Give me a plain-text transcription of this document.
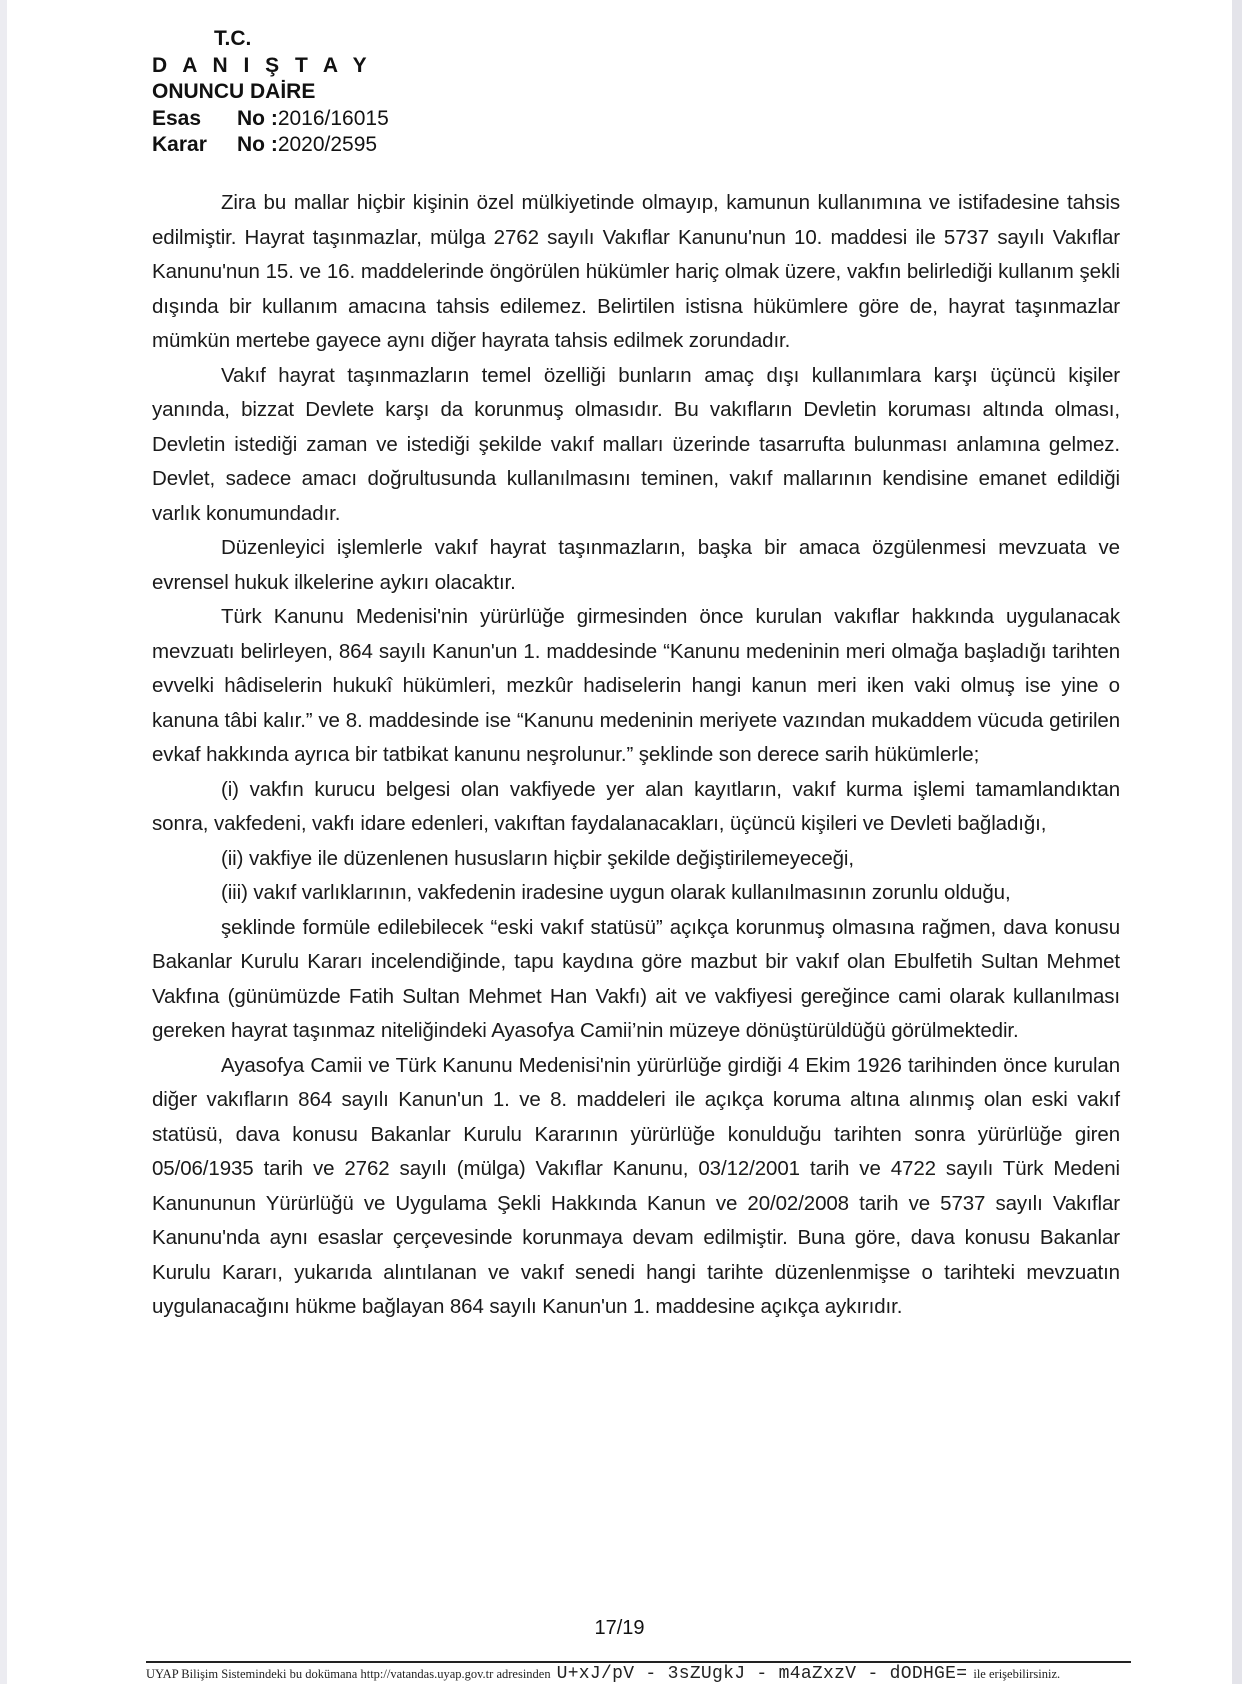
T.C.
D A N I Ş T A Y
ONUNCU DAİRE
Esas	No : 2016/16015
Karar	No : 2020/2595

Zira bu mallar hiçbir kişinin özel mülkiyetinde olmayıp, kamunun kullanımına ve istifadesine tahsis edilmiştir. Hayrat taşınmazlar, mülga 2762 sayılı Vakıflar Kanunu'nun 10. maddesi ile 5737 sayılı Vakıflar Kanunu'nun 15. ve 16. maddelerinde öngörülen hükümler hariç olmak üzere, vakfın belirlediği kullanım şekli dışında bir kullanım amacına tahsis edilemez. Belirtilen istisna hükümlere göre de, hayrat taşınmazlar mümkün mertebe gayece aynı diğer hayrata tahsis edilmek zorundadır.

Vakıf hayrat taşınmazların temel özelliği bunların amaç dışı kullanımlara karşı üçüncü kişiler yanında, bizzat Devlete karşı da korunmuş olmasıdır. Bu vakıfların Devletin koruması altında olması, Devletin istediği zaman ve istediği şekilde vakıf malları üzerinde tasarrufta bulunması anlamına gelmez. Devlet, sadece amacı doğrultusunda kullanılmasını teminen, vakıf mallarının kendisine emanet edildiği varlık konumundadır.

Düzenleyici işlemlerle vakıf hayrat taşınmazların, başka bir amaca özgülenmesi mevzuata ve evrensel hukuk ilkelerine aykırı olacaktır.

Türk Kanunu Medenisi'nin yürürlüğe girmesinden önce kurulan vakıflar hakkında uygulanacak mevzuatı belirleyen, 864 sayılı Kanun'un 1. maddesinde “Kanunu medeninin meri olmağa başladığı tarihten evvelki hâdiselerin hukukî hükümleri, mezkûr hadiselerin hangi kanun meri iken vaki olmuş ise yine o kanuna tâbi kalır.” ve 8. maddesinde ise “Kanunu medeninin meriyete vazından mukaddem vücuda getirilen evkaf hakkında ayrıca bir tatbikat kanunu neşrolunur.” şeklinde son derece sarih hükümlerle;

(i) vakfın kurucu belgesi olan vakfiyede yer alan kayıtların, vakıf kurma işlemi tamamlandıktan sonra, vakfedeni, vakfı idare edenleri, vakıftan faydalanacakları, üçüncü kişileri ve Devleti bağladığı,

(ii) vakfiye ile düzenlenen hususların hiçbir şekilde değiştirilemeyeceği,

(iii) vakıf varlıklarının, vakfedenin iradesine uygun olarak kullanılmasının zorunlu olduğu,

şeklinde formüle edilebilecek “eski vakıf statüsü” açıkça korunmuş olmasına rağmen, dava konusu Bakanlar Kurulu Kararı incelendiğinde, tapu kaydına göre mazbut bir vakıf olan Ebulfetih Sultan Mehmet Vakfına (günümüzde Fatih Sultan Mehmet Han Vakfı) ait ve vakfiyesi gereğince cami olarak kullanılması gereken hayrat taşınmaz niteliğindeki Ayasofya Camii’nin müzeye dönüştürüldüğü görülmektedir.

Ayasofya Camii ve Türk Kanunu Medenisi'nin yürürlüğe girdiği 4 Ekim 1926 tarihinden önce kurulan diğer vakıfların 864 sayılı Kanun'un 1. ve 8. maddeleri ile açıkça koruma altına alınmış olan eski vakıf statüsü, dava konusu Bakanlar Kurulu Kararının yürürlüğe konulduğu tarihten sonra yürürlüğe giren 05/06/1935 tarih ve 2762 sayılı (mülga) Vakıflar Kanunu, 03/12/2001 tarih ve 4722 sayılı Türk Medeni Kanununun Yürürlüğü ve Uygulama Şekli Hakkında Kanun ve 20/02/2008 tarih ve 5737 sayılı Vakıflar Kanunu'nda aynı esaslar çerçevesinde korunmaya devam edilmiştir. Buna göre, dava konusu Bakanlar Kurulu Kararı, yukarıda alıntılanan ve vakıf senedi hangi tarihte düzenlenmişse o tarihteki mevzuatın uygulanacağını hükme bağlayan 864 sayılı Kanun'un 1. maddesine açıkça aykırıdır.

17/19
UYAP Bilişim Sistemindeki bu dokümana http://vatandas.uyap.gov.tr adresinden U+xJ/pV - 3sZUgkJ - m4aZxzV - dODHGE= ile erişebilirsiniz.
